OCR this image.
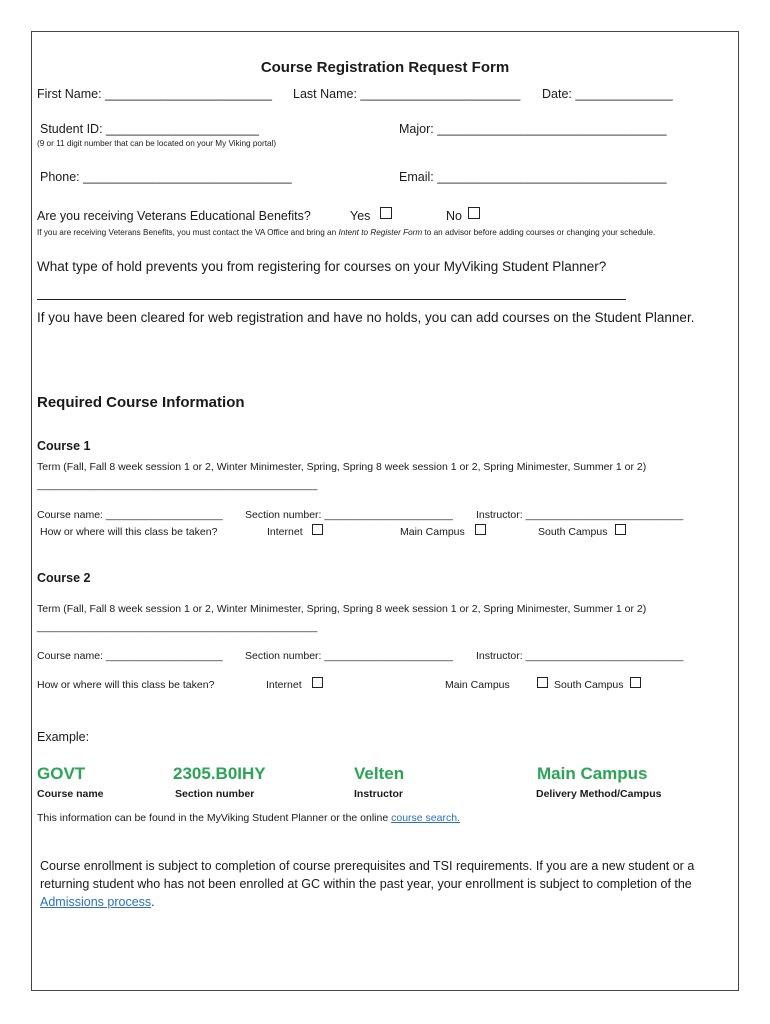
Course Registration Request Form
First Name: ________________________ Last Name: _______________________ Date: ______________
Student ID: ______________________
(9 or 11 digit number that can be located on your My Viking portal)
Major: _________________________________
Phone: ______________________________	Email: _________________________________
Are you receiving Veterans Educational Benefits?	Yes	No
If you are receiving Veterans Benefits, you must contact the VA Office and bring an Intent to Register Form to an advisor before adding courses or changing your schedule.
What type of hold prevents you from registering for courses on your MyViking Student Planner?
If you have been cleared for web registration and have no holds, you can add courses on the Student Planner.
Required Course Information
Course 1
Term (Fall, Fall 8 week session 1 or 2, Winter Minimester, Spring, Spring 8 week session 1 or 2, Spring Minimester, Summer 1 or 2)
________________________________________________
Course name: ____________________ Section number: ______________________ Instructor: ___________________________
How or where will this class be taken?	Internet	Main Campus	South Campus
Course 2
Term (Fall, Fall 8 week session 1 or 2, Winter Minimester, Spring, Spring 8 week session 1 or 2, Spring Minimester, Summer 1 or 2)
________________________________________________
Course name: ____________________ Section number: ______________________ Instructor: ___________________________
How or where will this class be taken?	Internet	Main Campus	South Campus
Example:
GOVT	2305.B0IHY	Velten	Main Campus
Course name	Section number	Instructor	Delivery Method/Campus
This information can be found in the MyViking Student Planner or the online course search.
Course enrollment is subject to completion of course prerequisites and TSI requirements. If you are a new student or a
returning student who has not been enrolled at GC within the past year, your enrollment is subject to completion of the
Admissions process.
